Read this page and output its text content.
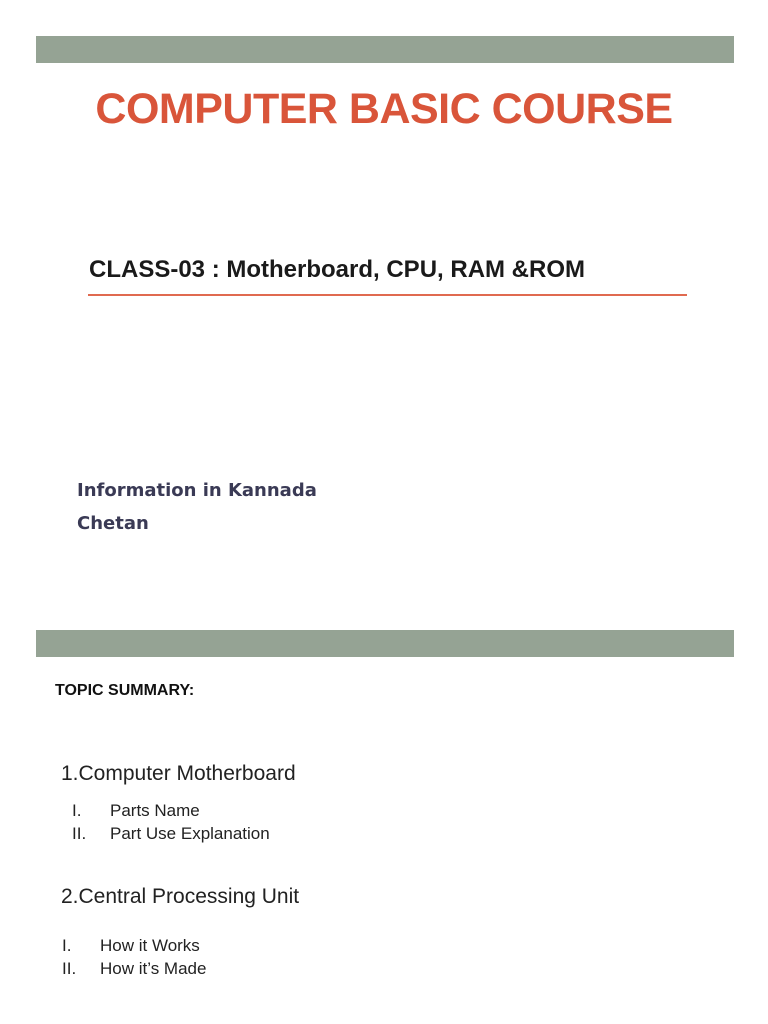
COMPUTER BASIC COURSE
CLASS-03 : Motherboard, CPU, RAM &ROM
Information in Kannada
Chetan
TOPIC SUMMARY:
1.Computer Motherboard
I. Parts Name
II. Part Use Explanation
2.Central Processing Unit
I. How it Works
II. How it’s Made
